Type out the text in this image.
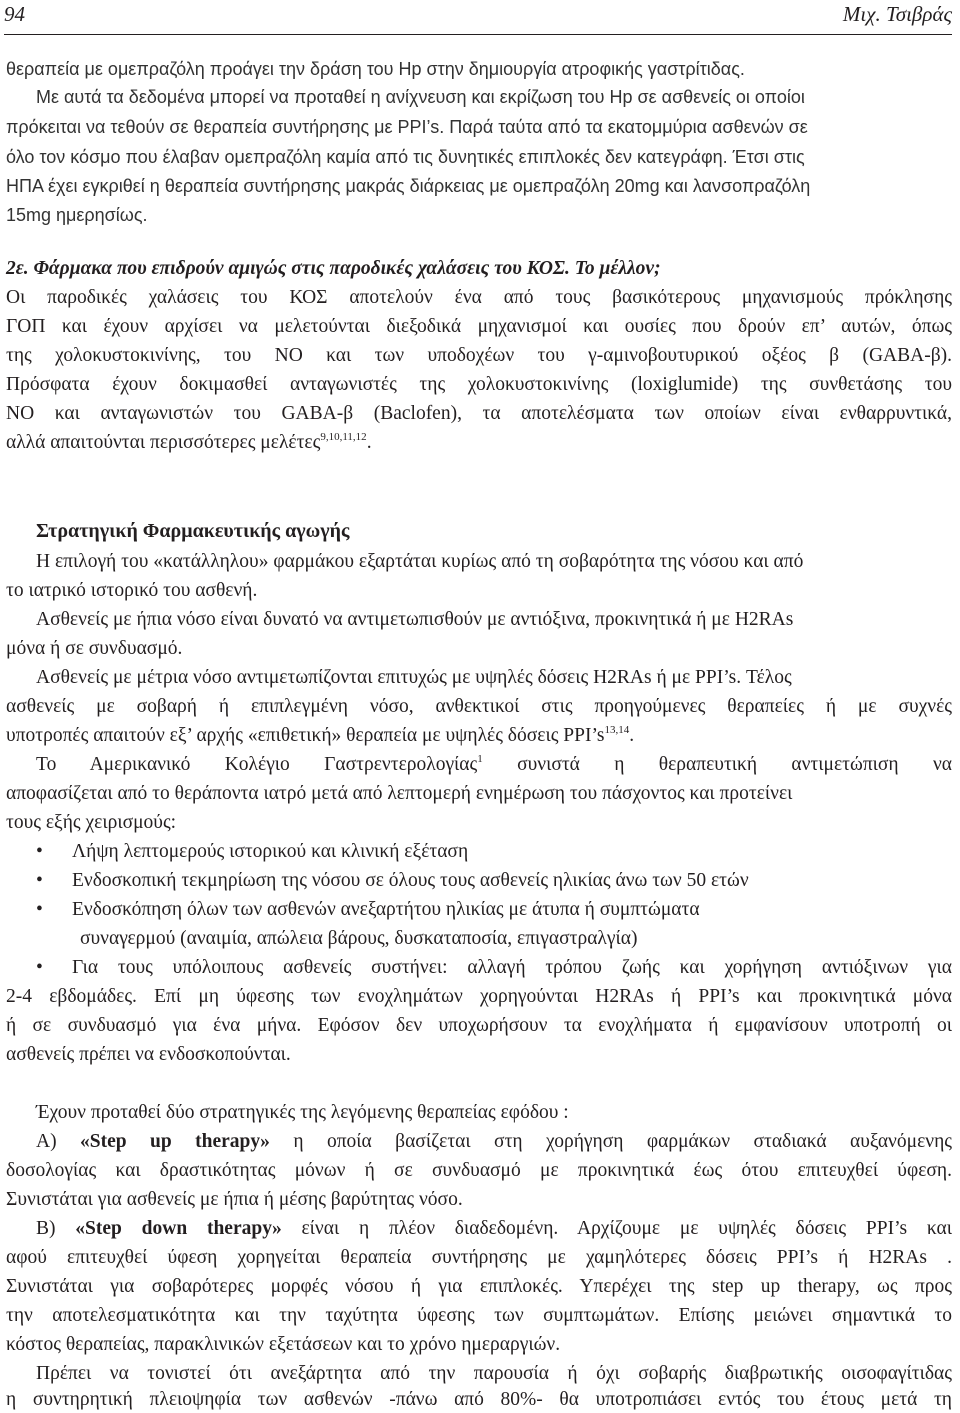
94	Μιχ. Τσιβράς
θεραπεία με ομεπραζόλη προάγει την δράση του Hp στην δημιουργία ατροφικής γαστρίτιδας.
Με αυτά τα δεδομένα μπορεί να προταθεί η ανίχνευση και εκρίζωση του Hp σε ασθενείς οι οποίοι
πρόκειται να τεθούν σε θεραπεία συντήρησης με PPI’s. Παρά ταύτα από τα εκατομμύρια ασθενών σε
όλο τον κόσμο που έλαβαν ομεπραζόλη καμία από τις δυνητικές επιπλοκές δεν κατεγράφη. Έτσι στις
ΗΠΑ έχει εγκριθεί η θεραπεία συντήρησης μακράς διάρκειας με ομεπραζόλη 20mg και λανσοπραζόλη
15mg ημερησίως.
2ε. Φάρμακα που επιδρούν αμιγώς στις παροδικές χαλάσεις του ΚΟΣ. Το μέλλον;
Οι παροδικές χαλάσεις του ΚΟΣ αποτελούν ένα από τους βασικότερους μηχανισμούς πρόκλησης
ΓΟΠ και έχουν αρχίσει να μελετούνται διεξοδικά μηχανισμοί και ουσίες που δρούν επ’ αυτών, όπως
της χολοκυστοκινίνης, του ΝΟ και των υποδοχέων του γ-αμινοβουτυρικού οξέος β (GABA-β).
Πρόσφατα έχουν δοκιμασθεί ανταγωνιστές της χολοκυστοκινίνης (loxiglumide) της συνθετάσης του
ΝΟ και ανταγωνιστών του GABA-β (Baclofen), τα αποτελέσματα των οποίων είναι ενθαρρυντικά,
αλλά απαιτούνται περισσότερες μελέτες$^{9,10,11,12}$.
Στρατηγική Φαρμακευτικής αγωγής
Η επιλογή του «κατάλληλου» φαρμάκου εξαρτάται κυρίως από τη σοβαρότητα της νόσου και από
το ιατρικό ιστορικό του ασθενή.
Ασθενείς με ήπια νόσο είναι δυνατό να αντιμετωπισθούν με αντιόξινα, προκινητικά ή με H2RAs
μόνα ή σε συνδυασμό.
Ασθενείς με μέτρια νόσο αντιμετωπίζονται επιτυχώς με υψηλές δόσεις H2RAs ή με PPI’s. Τέλος
ασθενείς με σοβαρή ή επιπλεγμένη νόσο, ανθεκτικοί στις προηγούμενες θεραπείες ή με συχνές
υποτροπές απαιτούν εξ’ αρχής «επιθετική» θεραπεία με υψηλές δόσεις $PPI’s^{13,14}$.
Το Αμερικανικό Κολέγιο Γαστρεντερολογίας$^1$ συνιστά η θεραπευτική αντιμετώπιση να
αποφασίζεται από το θεράποντα ιατρό μετά από λεπτομερή ενημέρωση του πάσχοντος και προτείνει
τους εξής χειρισμούς:
• Λήψη λεπτομερούς ιστορικού και κλινική εξέταση
• Ενδοσκοπική τεκμηρίωση της νόσου σε όλους τους ασθενείς ηλικίας άνω των 50 ετών
• Ενδοσκόπηση όλων των ασθενών ανεξαρτήτου ηλικίας με άτυπα ή συμπτώματα
συναγερμού (αναιμία, απώλεια βάρους, δυσκαταποσία, επιγαστραλγία)
• Για τους υπόλοιπους ασθενείς συστήνει: αλλαγή τρόπου ζωής και χορήγηση αντιόξινων για
2-4 εβδομάδες. Επί μη ύφεσης των ενοχλημάτων χορηγούνται H2RAs ή PPI’s και προκινητικά μόνα
ή σε συνδυασμό για ένα μήνα. Εφόσον δεν υποχωρήσουν τα ενοχλήματα ή εμφανίσουν υποτροπή οι
ασθενείς πρέπει να ενδοσκοπούνται.
Έχουν προταθεί δύο στρατηγικές της λεγόμενης θεραπείας εφόδου :
Α) «Step up therapy» η οποία βασίζεται στη χορήγηση φαρμάκων σταδιακά αυξανόμενης
δοσολογίας και δραστικότητας μόνων ή σε συνδυασμό με προκινητικά έως ότου επιτευχθεί ύφεση.
Συνιστάται για ασθενείς με ήπια ή μέσης βαρύτητας νόσο.
Β) «Step down therapy» είναι η πλέον διαδεδομένη. Αρχίζουμε με υψηλές δόσεις PPI’s και
αφού επιτευχθεί ύφεση χορηγείται θεραπεία συντήρησης με χαμηλότερες δόσεις PPI’s ή H2RAs .
Συνιστάται για σοβαρότερες μορφές νόσου ή για επιπλοκές. Υπερέχει της step up therapy, ως προς
την αποτελεσματικότητα και την ταχύτητα ύφεσης των συμπτωμάτων. Επίσης μειώνει σημαντικά το
κόστος θεραπείας, παρακλινικών εξετάσεων και το χρόνο ημεραργιών.
Πρέπει να τονιστεί ότι ανεξάρτητα από την παρουσία ή όχι σοβαρής διαβρωτικής οισοφαγίτιδας
η συντηρητική πλειοψηφία των ασθενών -πάνω από 80%- θα υποτροπιάσει εντός του έτους μετά τη
